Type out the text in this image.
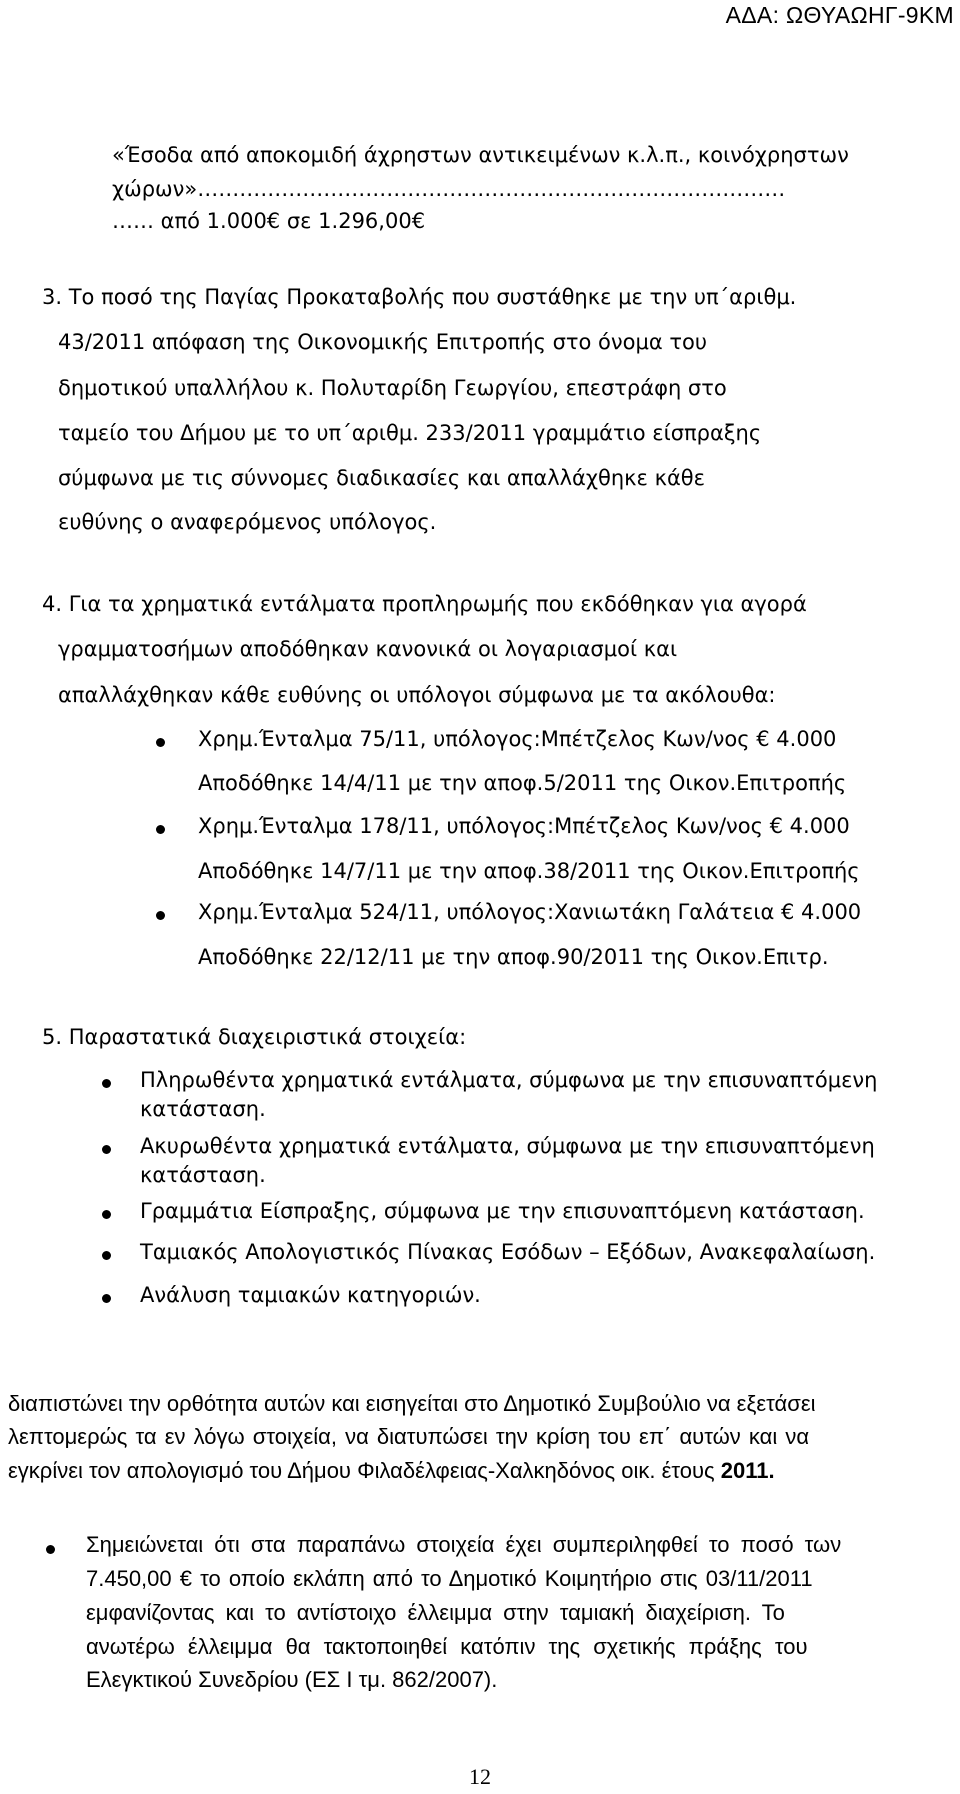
ΑΔΑ: ΩΘΥΑΩΗΓ-9ΚΜ
«Έσοδα από αποκομιδή άχρηστων αντικειμένων κ.λ.π., κοινόχρηστων
χώρων»…………………………………………………………………………
…… από 1.000€ σε 1.296,00€
3. Το ποσό της Παγίας Προκαταβολής που συστάθηκε με την υπ΄αριθμ.
43/2011 απόφαση της Οικονομικής Επιτροπής στο όνομα του
δημοτικού υπαλλήλου κ. Πολυταρίδη Γεωργίου, επεστράφη στο
ταμείο του Δήμου με το υπ΄αριθμ. 233/2011 γραμμάτιο είσπραξης
σύμφωνα με τις σύννομες διαδικασίες και απαλλάχθηκε κάθε
ευθύνης ο αναφερόμενος υπόλογος.
4. Για τα χρηματικά εντάλματα προπληρωμής που εκδόθηκαν για αγορά
γραμματοσήμων αποδόθηκαν κανονικά οι λογαριασμοί και
απαλλάχθηκαν κάθε ευθύνης οι υπόλογοι σύμφωνα με τα ακόλουθα:
Χρημ.Ένταλμα 75/11, υπόλογος:Μπέτζελος Κων/νος € 4.000
Αποδόθηκε 14/4/11 με την αποφ.5/2011 της Οικον.Επιτροπής
Χρημ.Ένταλμα 178/11, υπόλογος:Μπέτζελος Κων/νος € 4.000
Αποδόθηκε 14/7/11 με την αποφ.38/2011 της Οικον.Επιτροπής
Χρημ.Ένταλμα 524/11, υπόλογος:Χανιωτάκη Γαλάτεια € 4.000
Αποδόθηκε 22/12/11 με την αποφ.90/2011 της Οικον.Επιτρ.
5. Παραστατικά διαχειριστικά στοιχεία:
Πληρωθέντα χρηματικά εντάλματα, σύμφωνα με την επισυναπτόμενη
κατάσταση.
Ακυρωθέντα χρηματικά εντάλματα, σύμφωνα με την επισυναπτόμενη
κατάσταση.
Γραμμάτια Είσπραξης, σύμφωνα με την επισυναπτόμενη κατάσταση.
Ταμιακός Απολογιστικός Πίνακας Εσόδων – Εξόδων, Ανακεφαλαίωση.
Ανάλυση ταμιακών κατηγοριών.
διαπιστώνει την ορθότητα αυτών και εισηγείται στο Δημοτικό Συμβούλιο να εξετάσει
λεπτομερώς τα εν λόγω στοιχεία, να διατυπώσει την κρίση του επ΄ αυτών και να
εγκρίνει τον απολογισμό του Δήμου Φιλαδέλφειας-Χαλκηδόνος οικ. έτους 2011.
Σημειώνεται ότι στα παραπάνω στοιχεία έχει συμπεριληφθεί το ποσό των
7.450,00 € το οποίο εκλάπη από το Δημοτικό Κοιμητήριο στις 03/11/2011
εμφανίζοντας και το αντίστοιχο έλλειμμα στην ταμιακή διαχείριση. Το
ανωτέρω έλλειμμα θα τακτοποιηθεί κατόπιν της σχετικής πράξης του
Ελεγκτικού Συνεδρίου (ΕΣ Ι τμ. 862/2007).
12
